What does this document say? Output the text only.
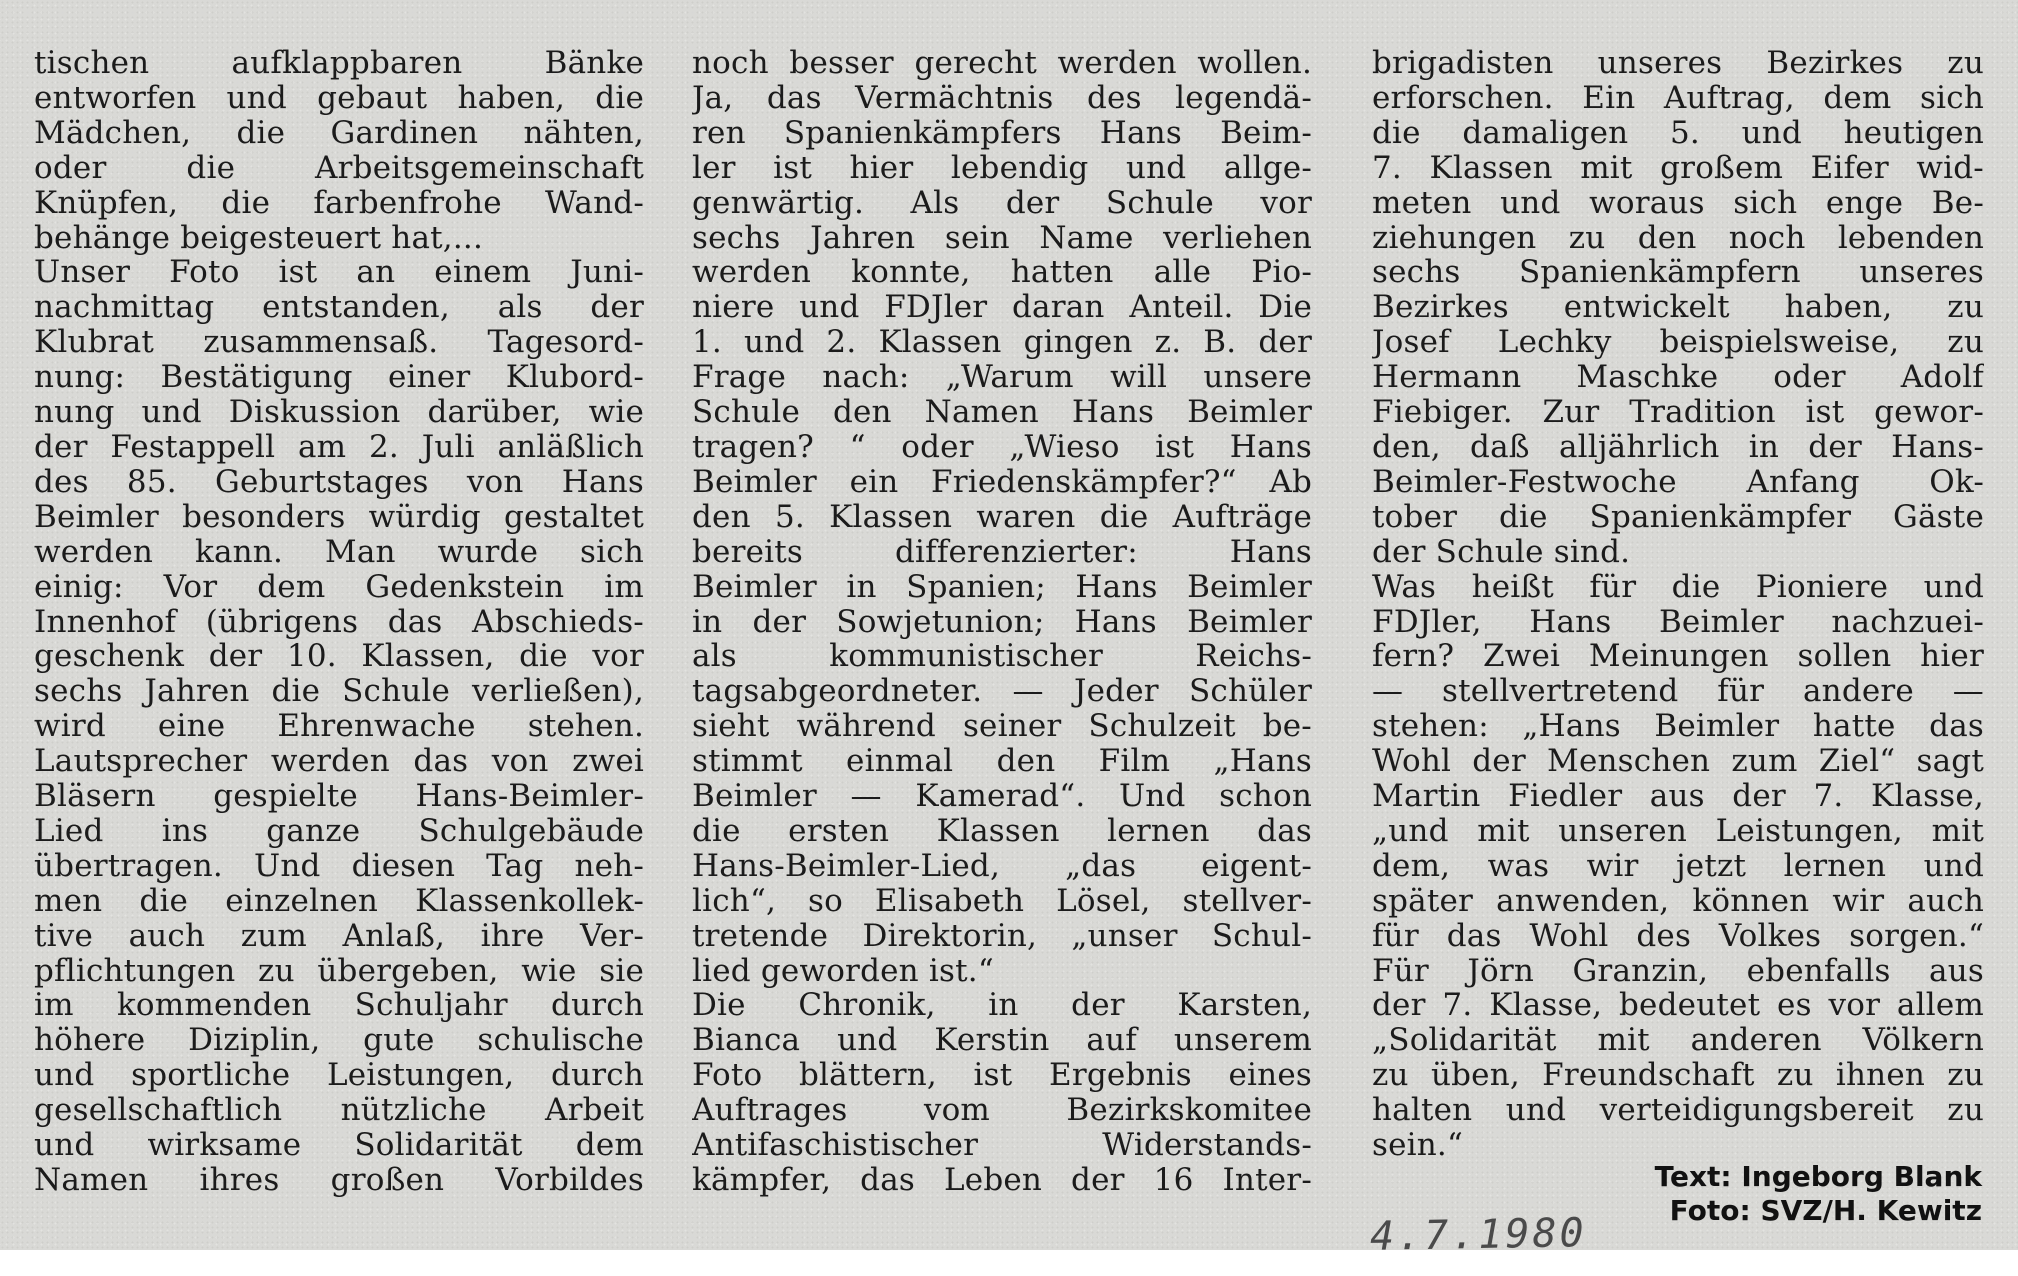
tischen aufklappbaren Bänke
entworfen und gebaut haben, die
Mädchen, die Gardinen nähten,
oder die Arbeitsgemeinschaft
Knüpfen, die farbenfrohe Wand-
behänge beigesteuert hat,...
Unser Foto ist an einem Juni-
nachmittag entstanden, als der
Klubrat zusammensaß. Tagesord-
nung: Bestätigung einer Klubord-
nung und Diskussion darüber, wie
der Festappell am 2. Juli anläßlich
des 85. Geburtstages von Hans
Beimler besonders würdig gestaltet
werden kann. Man wurde sich
einig: Vor dem Gedenkstein im
Innenhof (übrigens das Abschieds-
geschenk der 10. Klassen, die vor
sechs Jahren die Schule verließen),
wird eine Ehrenwache stehen.
Lautsprecher werden das von zwei
Bläsern gespielte Hans-Beimler-
Lied ins ganze Schulgebäude
übertragen. Und diesen Tag neh-
men die einzelnen Klassenkollek-
tive auch zum Anlaß, ihre Ver-
pflichtungen zu übergeben, wie sie
im kommenden Schuljahr durch
höhere Diziplin, gute schulische
und sportliche Leistungen, durch
gesellschaftlich nützliche Arbeit
und wirksame Solidarität dem
Namen ihres großen Vorbildes
noch besser gerecht werden wollen.
Ja, das Vermächtnis des legendä-
ren Spanienkämpfers Hans Beim-
ler ist hier lebendig und allge-
genwärtig. Als der Schule vor
sechs Jahren sein Name verliehen
werden konnte, hatten alle Pio-
niere und FDJler daran Anteil. Die
1. und 2. Klassen gingen z. B. der
Frage nach: „Warum will unsere
Schule den Namen Hans Beimler
tragen? “ oder „Wieso ist Hans
Beimler ein Friedenskämpfer?“ Ab
den 5. Klassen waren die Aufträge
bereits differenzierter: Hans
Beimler in Spanien; Hans Beimler
in der Sowjetunion; Hans Beimler
als kommunistischer Reichs-
tagsabgeordneter. — Jeder Schüler
sieht während seiner Schulzeit be-
stimmt einmal den Film „Hans
Beimler — Kamerad“. Und schon
die ersten Klassen lernen das
Hans-Beimler-Lied, „das eigent-
lich“, so Elisabeth Lösel, stellver-
tretende Direktorin, „unser Schul-
lied geworden ist.“
Die Chronik, in der Karsten,
Bianca und Kerstin auf unserem
Foto blättern, ist Ergebnis eines
Auftrages vom Bezirkskomitee
Antifaschistischer Widerstands-
kämpfer, das Leben der 16 Inter-
brigadisten unseres Bezirkes zu
erforschen. Ein Auftrag, dem sich
die damaligen 5. und heutigen
7. Klassen mit großem Eifer wid-
meten und woraus sich enge Be-
ziehungen zu den noch lebenden
sechs Spanienkämpfern unseres
Bezirkes entwickelt haben, zu
Josef Lechky beispielsweise, zu
Hermann Maschke oder Adolf
Fiebiger. Zur Tradition ist gewor-
den, daß alljährlich in der Hans-
Beimler-Festwoche Anfang Ok-
tober die Spanienkämpfer Gäste
der Schule sind.
Was heißt für die Pioniere und
FDJler, Hans Beimler nachzuei-
fern? Zwei Meinungen sollen hier
— stellvertretend für andere —
stehen: „Hans Beimler hatte das
Wohl der Menschen zum Ziel“ sagt
Martin Fiedler aus der 7. Klasse,
„und mit unseren Leistungen, mit
dem, was wir jetzt lernen und
später anwenden, können wir auch
für das Wohl des Volkes sorgen.“
Für Jörn Granzin, ebenfalls aus
der 7. Klasse, bedeutet es vor allem
„Solidarität mit anderen Völkern
zu üben, Freundschaft zu ihnen zu
halten und verteidigungsbereit zu
sein.“
Text: Ingeborg Blank
Foto: SVZ/H. Kewitz
4.7.1980
